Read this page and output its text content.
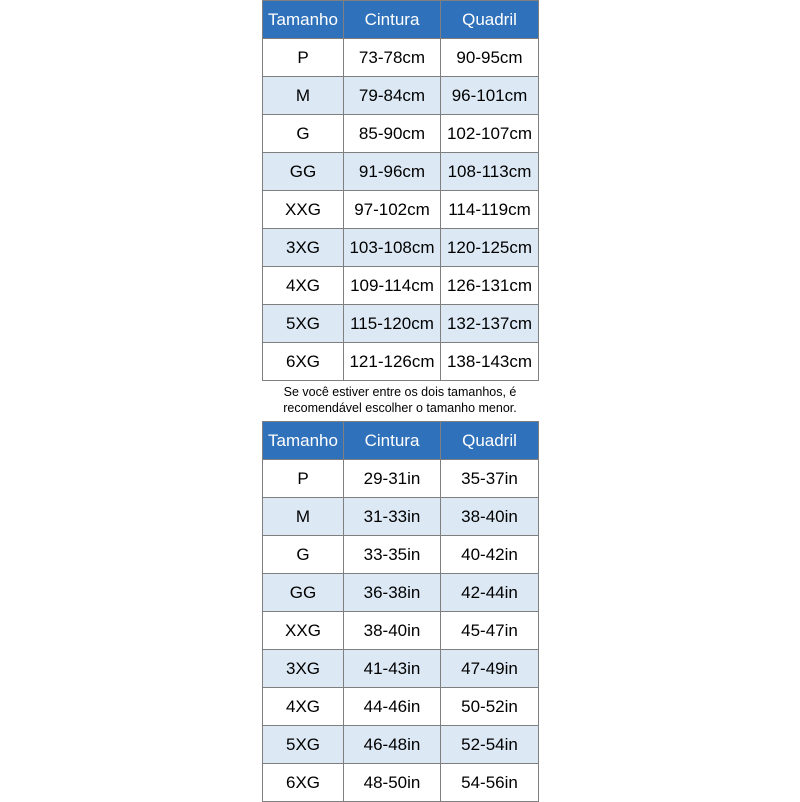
Tamanho	Cintura	Quadril
P	73-78cm	90-95cm
M	79-84cm	96-101cm
G	85-90cm	102-107cm
GG	91-96cm	108-113cm
XXG	97-102cm	114-119cm
3XG	103-108cm	120-125cm
4XG	109-114cm	126-131cm
5XG	115-120cm	132-137cm
6XG	121-126cm	138-143cm
Se você estiver entre os dois tamanhos, é
recomendável escolher o tamanho menor.
Tamanho	Cintura	Quadril
P	29-31in	35-37in
M	31-33in	38-40in
G	33-35in	40-42in
GG	36-38in	42-44in
XXG	38-40in	45-47in
3XG	41-43in	47-49in
4XG	44-46in	50-52in
5XG	46-48in	52-54in
6XG	48-50in	54-56in
